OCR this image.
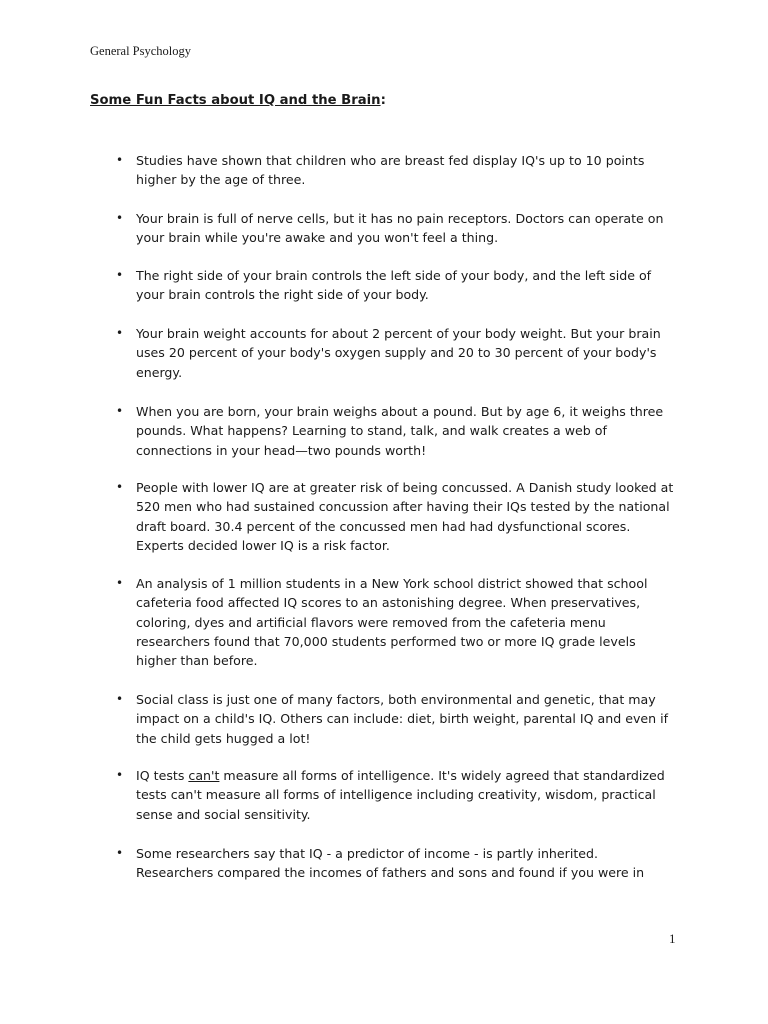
General Psychology
Some Fun Facts about IQ and the Brain:
• Studies have shown that children who are breast fed display IQ's up to 10 points higher by the age of three.
• Your brain is full of nerve cells, but it has no pain receptors. Doctors can operate on your brain while you're awake and you won't feel a thing.
• The right side of your brain controls the left side of your body, and the left side of your brain controls the right side of your body.
• Your brain weight accounts for about 2 percent of your body weight. But your brain uses 20 percent of your body's oxygen supply and 20 to 30 percent of your body's energy.
• When you are born, your brain weighs about a pound. But by age 6, it weighs three pounds. What happens? Learning to stand, talk, and walk creates a web of connections in your head—two pounds worth!
• People with lower IQ are at greater risk of being concussed. A Danish study looked at 520 men who had sustained concussion after having their IQs tested by the national draft board. 30.4 percent of the concussed men had had dysfunctional scores. Experts decided lower IQ is a risk factor.
• An analysis of 1 million students in a New York school district showed that school cafeteria food affected IQ scores to an astonishing degree. When preservatives, coloring, dyes and artificial flavors were removed from the cafeteria menu researchers found that 70,000 students performed two or more IQ grade levels higher than before.
• Social class is just one of many factors, both environmental and genetic, that may impact on a child's IQ. Others can include: diet, birth weight, parental IQ and even if the child gets hugged a lot!
• IQ tests can't measure all forms of intelligence. It's widely agreed that standardized tests can't measure all forms of intelligence including creativity, wisdom, practical sense and social sensitivity.
• Some researchers say that IQ - a predictor of income - is partly inherited. Researchers compared the incomes of fathers and sons and found if you were in
1
